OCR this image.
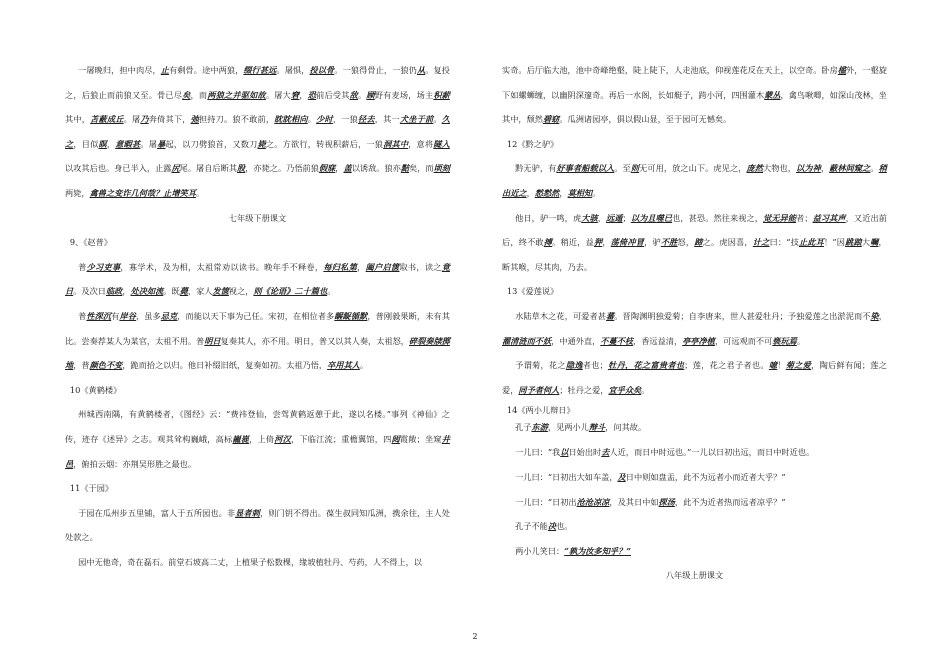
一屠晚归，担中肉尽，止有剩骨。途中两狼，缀行甚远。屠惧，投以骨。一狼得骨止，一狼仍从。复投之，后狼止而前狼又至。骨已尽矣，而两狼之并驱如故。屠大窘，恐前后受其敌。顾野有麦场，场主积薪其中，苫蔽成丘。屠乃奔倚其下，弛担持刀。狼不敢前，眈眈相向。少时，一狼径去，其一犬坐于前。久之，目似瞑，意暇甚。屠暴起，以刀劈狼首，又数刀毙之。方欲行，转视积薪后，一狼洞其中，意将隧入以攻其后也。身已半入，止露尻尾。屠自后断其股，亦毙之。乃悟前狼假寐，盖以诱敌。狼亦黠矣，而顷刻两毙，禽兽之变诈几何哉？止增笑耳。

七年级下册课文

9、《赵普》

普少习吏事，寡学术，及为相，太祖常劝以读书。晚年手不释卷，每归私第，阖户启箧取书，读之竟日。及次日临政，处决如流。既薨，家人发箧视之，则《论语》二十篇也。

普性深沉有岸谷，虽多忌克，而能以天下事为己任。宋初，在相位者多龌龊循默，普刚毅果断，未有其比。尝奏荐某人为某官，太祖不用。普明日复奏其人，亦不用。明日，普又以其人奏，太祖怒，碎裂奏牍掷地，普颜色不变，跪而拾之以归。他日补缀旧纸，复奏如初。太祖乃悟，卒用其人。

10《黄鹤楼》

州城西南隅，有黄鹤楼者，《图经》云：“费祎登仙，尝驾黄鹤返憩于此，遂以名楼。”事列《神仙》之传，迹存《述异》之志。观其耸构巍峨，高标巃嵸，上倚河汉，下临江流；重檐翼馆，四闼霞敞；坐窥井邑，俯拍云烟：亦荆吴形胜之最也。

11《于园》

于园在瓜州步五里铺，富人于五所园也。非显者刺，则门钥不得出。葆生叔同知瓜洲，携余往，主人处处款之。

园中无他奇，奇在磊石。前堂石坡高二丈，上植果子松数棵，缘坡植牡丹、芍药，人不得上，以

实奇。后厅临大池，池中奇峰绝壑，陡上陡下，人走池底，仰视莲花反在天上，以空奇。卧房槛外，一壑旋下如螺蛳缠，以幽阴深邃奇。再后一水阁，长如艇子，跨小河，四围灌木蒙丛，禽鸟啾唧，如深山茂林，坐其中，颓然碧窈。瓜洲诸园亭，俱以假山显，至于园可无憾矣。

12《黔之驴》

黔无驴，有好事者船载以入。至则无可用，放之山下。虎见之，庞然大物也，以为神，蔽林间窥之。稍出近之，慭慭然，莫相知。

他日，驴一鸣，虎大骇，远遁；以为且噬已也，甚恐。然往来视之，觉无异能者；益习其声，又近出前后，终不敢搏。稍近，益狎，荡倚冲冒，驴不胜怒，蹄之。虎因喜，计之曰：“技止此耳！”因跳踉大㘎，断其喉，尽其肉，乃去。

13《爱莲说》

水陆草木之花，可爱者甚蕃。晋陶渊明独爱菊；自李唐来，世人甚爱牡丹；予独爱莲之出淤泥而不染，濯清涟而不妖，中通外直，不蔓不枝，香远益清，亭亭净植，可远观而不可亵玩焉。

予谓菊，花之隐逸者也；牡丹，花之富贵者也；莲，花之君子者也。噫！菊之爱，陶后鲜有闻；莲之爱，同予者何人；牡丹之爱，宜乎众矣。

14《两小儿辩日》

孔子东游，见两小儿辩斗，问其故。

一儿曰：“我以日始出时去人近，而日中时远也。”一儿以日初出远，而日中时近也。

一儿曰：“日初出大如车盖，及日中则如盘盂，此不为远者小而近者大乎？”

一儿曰：“日初出沧沧凉凉，及其日中如探汤，此不为近者热而远者凉乎？”

孔子不能决也。

两小儿笑曰：“孰为汝多知乎？”

八年级上册课文

2
